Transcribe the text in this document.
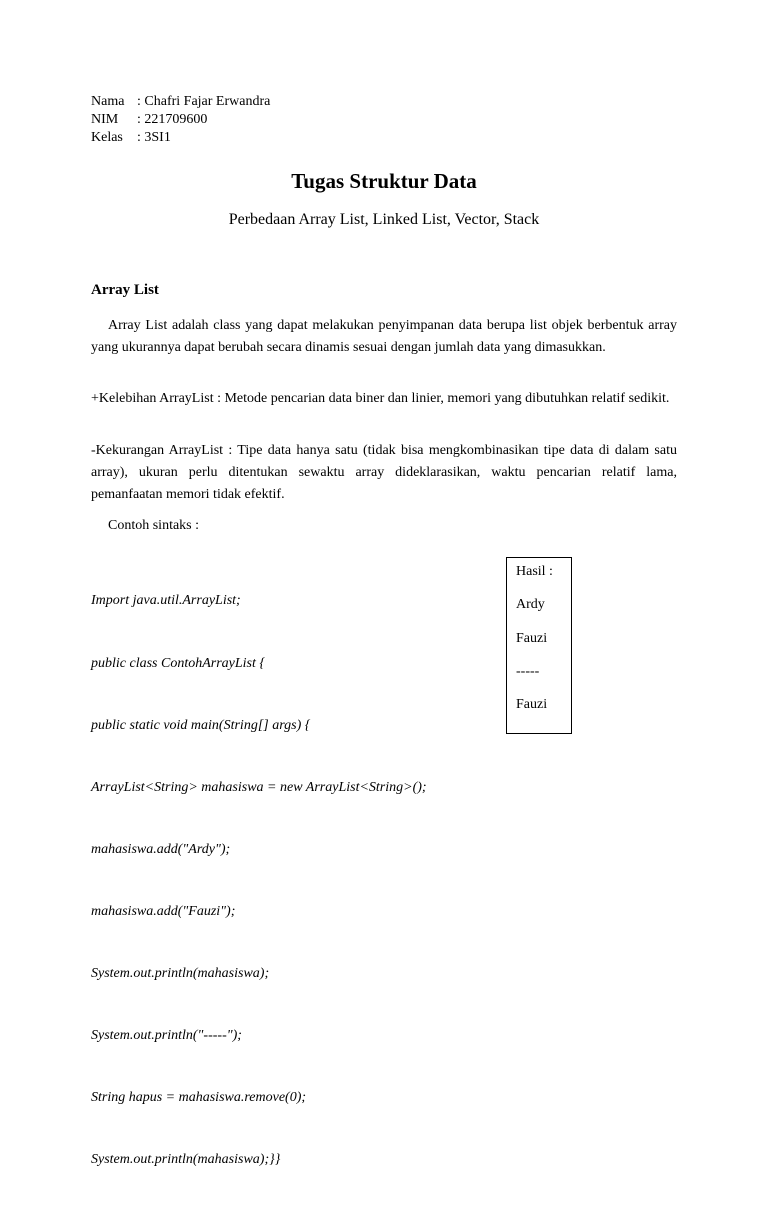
Nama : Chafri Fajar Erwandra
NIM : 221709600
Kelas : 3SI1
Tugas Struktur Data
Perbedaan Array List, Linked List, Vector, Stack
Array List
Array List adalah class yang dapat melakukan penyimpanan data berupa list objek berbentuk array yang ukurannya dapat berubah secara dinamis sesuai dengan jumlah data yang dimasukkan.
+Kelebihan ArrayList : Metode pencarian data biner dan linier, memori yang dibutuhkan relatif sedikit.
-Kekurangan ArrayList : Tipe data hanya satu (tidak bisa mengkombinasikan tipe data di dalam satu array), ukuran perlu ditentukan sewaktu array dideklarasikan, waktu pencarian relatif lama, pemanfaatan memori tidak efektif.
Contoh sintaks :

Import java.util.ArrayList;

public class ContohArrayList {

public static void main(String[] args) {

ArrayList<String> mahasiswa = new ArrayList<String>();

mahasiswa.add("Ardy");

mahasiswa.add("Fauzi");

System.out.println(mahasiswa);

System.out.println("-----");

String hapus = mahasiswa.remove(0);

System.out.println(mahasiswa);}}

Hasil :
Ardy
Fauzi
-----
Fauzi
